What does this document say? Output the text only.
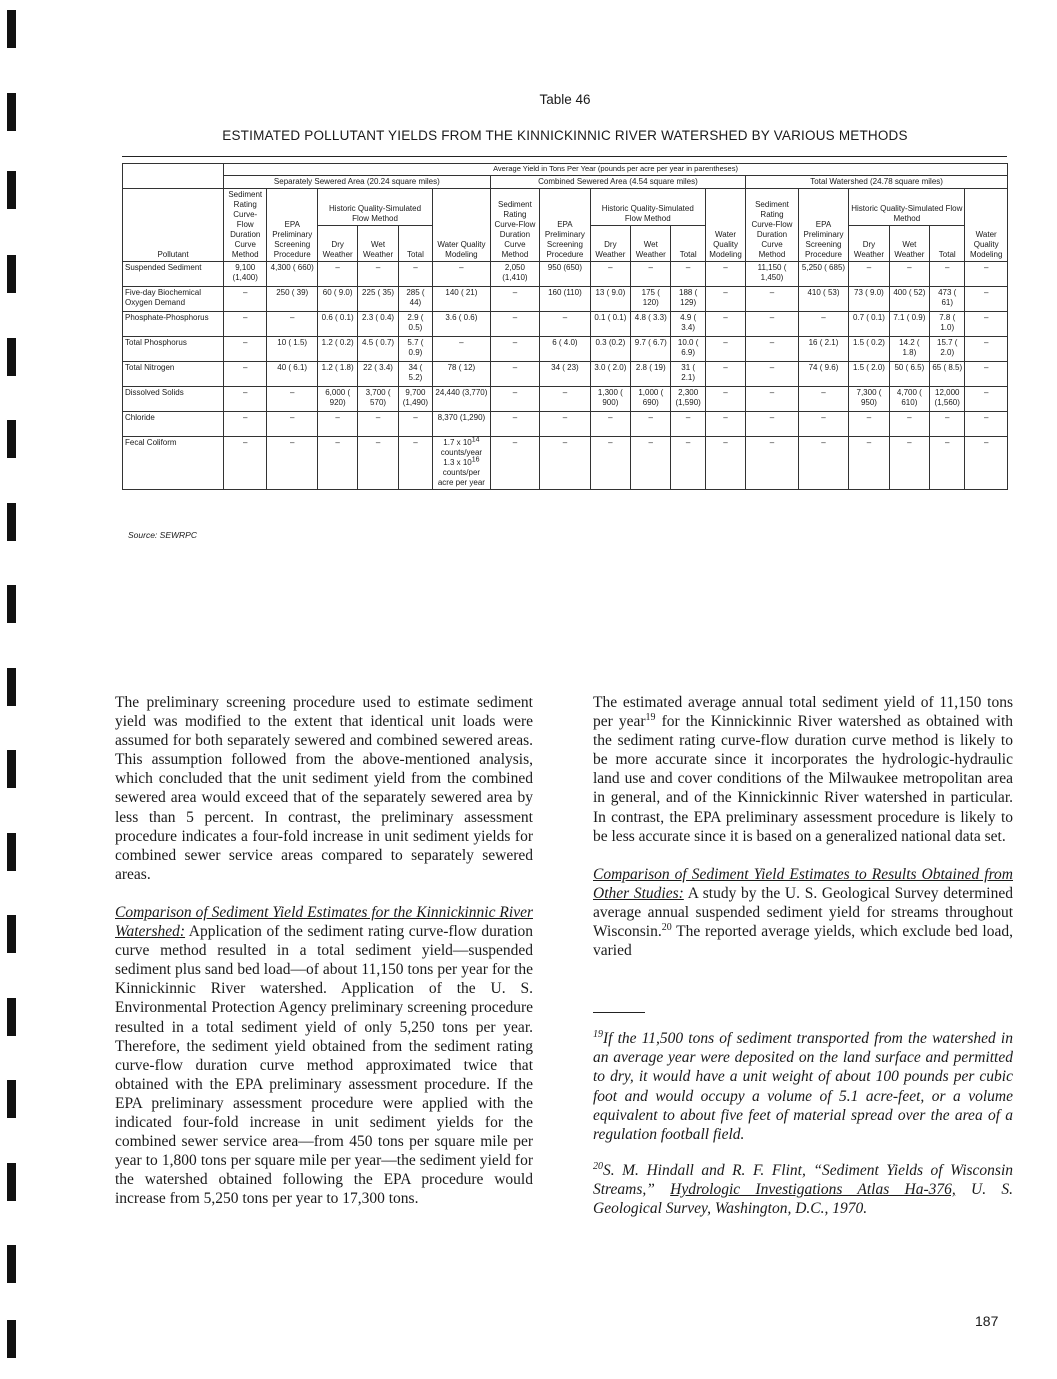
Table 46
ESTIMATED POLLUTANT YIELDS FROM THE KINNICKINNIC RIVER WATERSHED BY VARIOUS METHODS
	Average Yield in Tons Per Year (pounds per acre per year in parentheses)																	
	Separately Sewered Area (20.24 square miles)						Combined Sewered Area (4.54 square miles)						Total Watershed (24.78 square miles)					
Pollutant	Sediment Rating Curve-Flow Duration Curve Method	EPA Preliminary Screening Procedure	Historic Quality-Simulated Flow Method			Water Quality Modeling	Sediment Rating Curve-Flow Duration Curve Method	EPA Preliminary Screening Procedure	Historic Quality-Simulated Flow Method			Water Quality Modeling	Sediment Rating Curve-Flow Duration Curve Method	EPA Preliminary Screening Procedure	Historic Quality-Simulated Flow Method			Water Quality Modeling
			Dry Weather	Wet Weather	Total				Dry Weather	Wet Weather	Total				Dry Weather	Wet Weather	Total	
Suspended Sediment	9,100 (1,400)	4,300 ( 660)	–	–	–	–	2,050 (1,410)	950 (650)	–	–	–	–	11,150 ( 1,450)	5,250 ( 685)	–	–	–	–
Five-day Biochemical Oxygen Demand	–	250 ( 39)	60 ( 9.0)	225 ( 35)	285 ( 44)	140 ( 21)	–	160 (110)	13 ( 9.0)	175 ( 120)	188 ( 129)	–	–	410 ( 53)	73 ( 9.0)	400 ( 52)	473 ( 61)	–
Phosphate-Phosphorus	–	–	0.6 ( 0.1)	2.3 ( 0.4)	2.9 ( 0.5)	3.6 ( 0.6)	–	–	0.1 ( 0.1)	4.8 ( 3.3)	4.9 ( 3.4)	–	–	–	0.7 ( 0.1)	7.1 ( 0.9)	7.8 ( 1.0)	–
Total Phosphorus	–	10 ( 1.5)	1.2 ( 0.2)	4.5 ( 0.7)	5.7 ( 0.9)	–	–	6 ( 4.0)	0.3 (0.2)	9.7 ( 6.7)	10.0 ( 6.9)	–	–	16 ( 2.1)	1.5 ( 0.2)	14.2 ( 1.8)	15.7 ( 2.0)	–
Total Nitrogen	–	40 ( 6.1)	1.2 ( 1.8)	22 ( 3.4)	34 ( 5.2)	78 ( 12)	–	34 ( 23)	3.0 ( 2.0)	2.8 ( 19)	31 ( 2.1)	–	–	74 ( 9.6)	1.5 ( 2.0)	50 ( 6.5)	65 ( 8.5)	–
Dissolved Solids	–	–	6,000 ( 920)	3,700 ( 570)	9,700 (1,490)	24,440 (3,770)	–	–	1,300 ( 900)	1,000 ( 690)	2,300 (1,590)	–	–	–	7,300 ( 950)	4,700 ( 610)	12,000 (1,560)	–
Chloride	–	–	–	–	–	8,370 (1,290)	–	–	–	–	–	–	–	–	–	–	–	–
Fecal Coliform	–	–	–	–	–	1.7 x $10^{14}$
counts/year
1.3 x $10^{16}$
counts/per
acre per year	–	–	–	–	–	–	–	–	–	–	–	–
Source: SEWRPC

The preliminary screening procedure used to estimate sediment yield was modified to the extent that identical unit loads were assumed for both separately sewered and combined sewered areas. This assumption followed from the above-mentioned analysis, which concluded that the unit sediment yield from the combined sewered area would exceed that of the separately sewered area by less than 5 percent. In contrast, the preliminary assessment procedure indicates a four-fold increase in unit sediment yields for combined sewer service areas compared to separately sewered areas.

Comparison of Sediment Yield Estimates for the Kinnickinnic River Watershed: Application of the sediment rating curve-flow duration curve method resulted in a total sediment yield—suspended sediment plus sand bed load—of about 11,150 tons per year for the Kinnickinnic River watershed. Application of the U. S. Environmental Protection Agency preliminary screening procedure resulted in a total sediment yield of only 5,250 tons per year. Therefore, the sediment yield obtained from the sediment rating curve-flow duration curve method approximated twice that obtained with the EPA preliminary assessment procedure. If the EPA preliminary assessment procedure were applied with the indicated four-fold increase in unit sediment yields for the combined sewer service area—from 450 tons per square mile per year to 1,800 tons per square mile per year—the sediment yield for the watershed obtained following the EPA procedure would increase from 5,250 tons per year to 17,300 tons.

The estimated average annual total sediment yield of 11,150 tons per year$^{19}$ for the Kinnickinnic River watershed as obtained with the sediment rating curve-flow duration curve method is likely to be more accurate since it incorporates the hydrologic-hydraulic land use and cover conditions of the Milwaukee metropolitan area in general, and of the Kinnickinnic River watershed in particular. In contrast, the EPA preliminary assessment procedure is likely to be less accurate since it is based on a generalized national data set.

Comparison of Sediment Yield Estimates to Results Obtained from Other Studies: A study by the U. S. Geological Survey determined average annual suspended sediment yield for streams throughout Wisconsin.$^{20}$ The reported average yields, which exclude bed load, varied

$^{19}$If the 11,500 tons of sediment transported from the watershed in an average year were deposited on the land surface and permitted to dry, it would have a unit weight of about 100 pounds per cubic foot and would occupy a volume of 5.1 acre-feet, or a volume equivalent to about five feet of material spread over the area of a regulation football field.

$^{20}$S. M. Hindall and R. F. Flint, “Sediment Yields of Wisconsin Streams,” Hydrologic Investigations Atlas Ha-376, U. S. Geological Survey, Washington, D.C., 1970.

187
